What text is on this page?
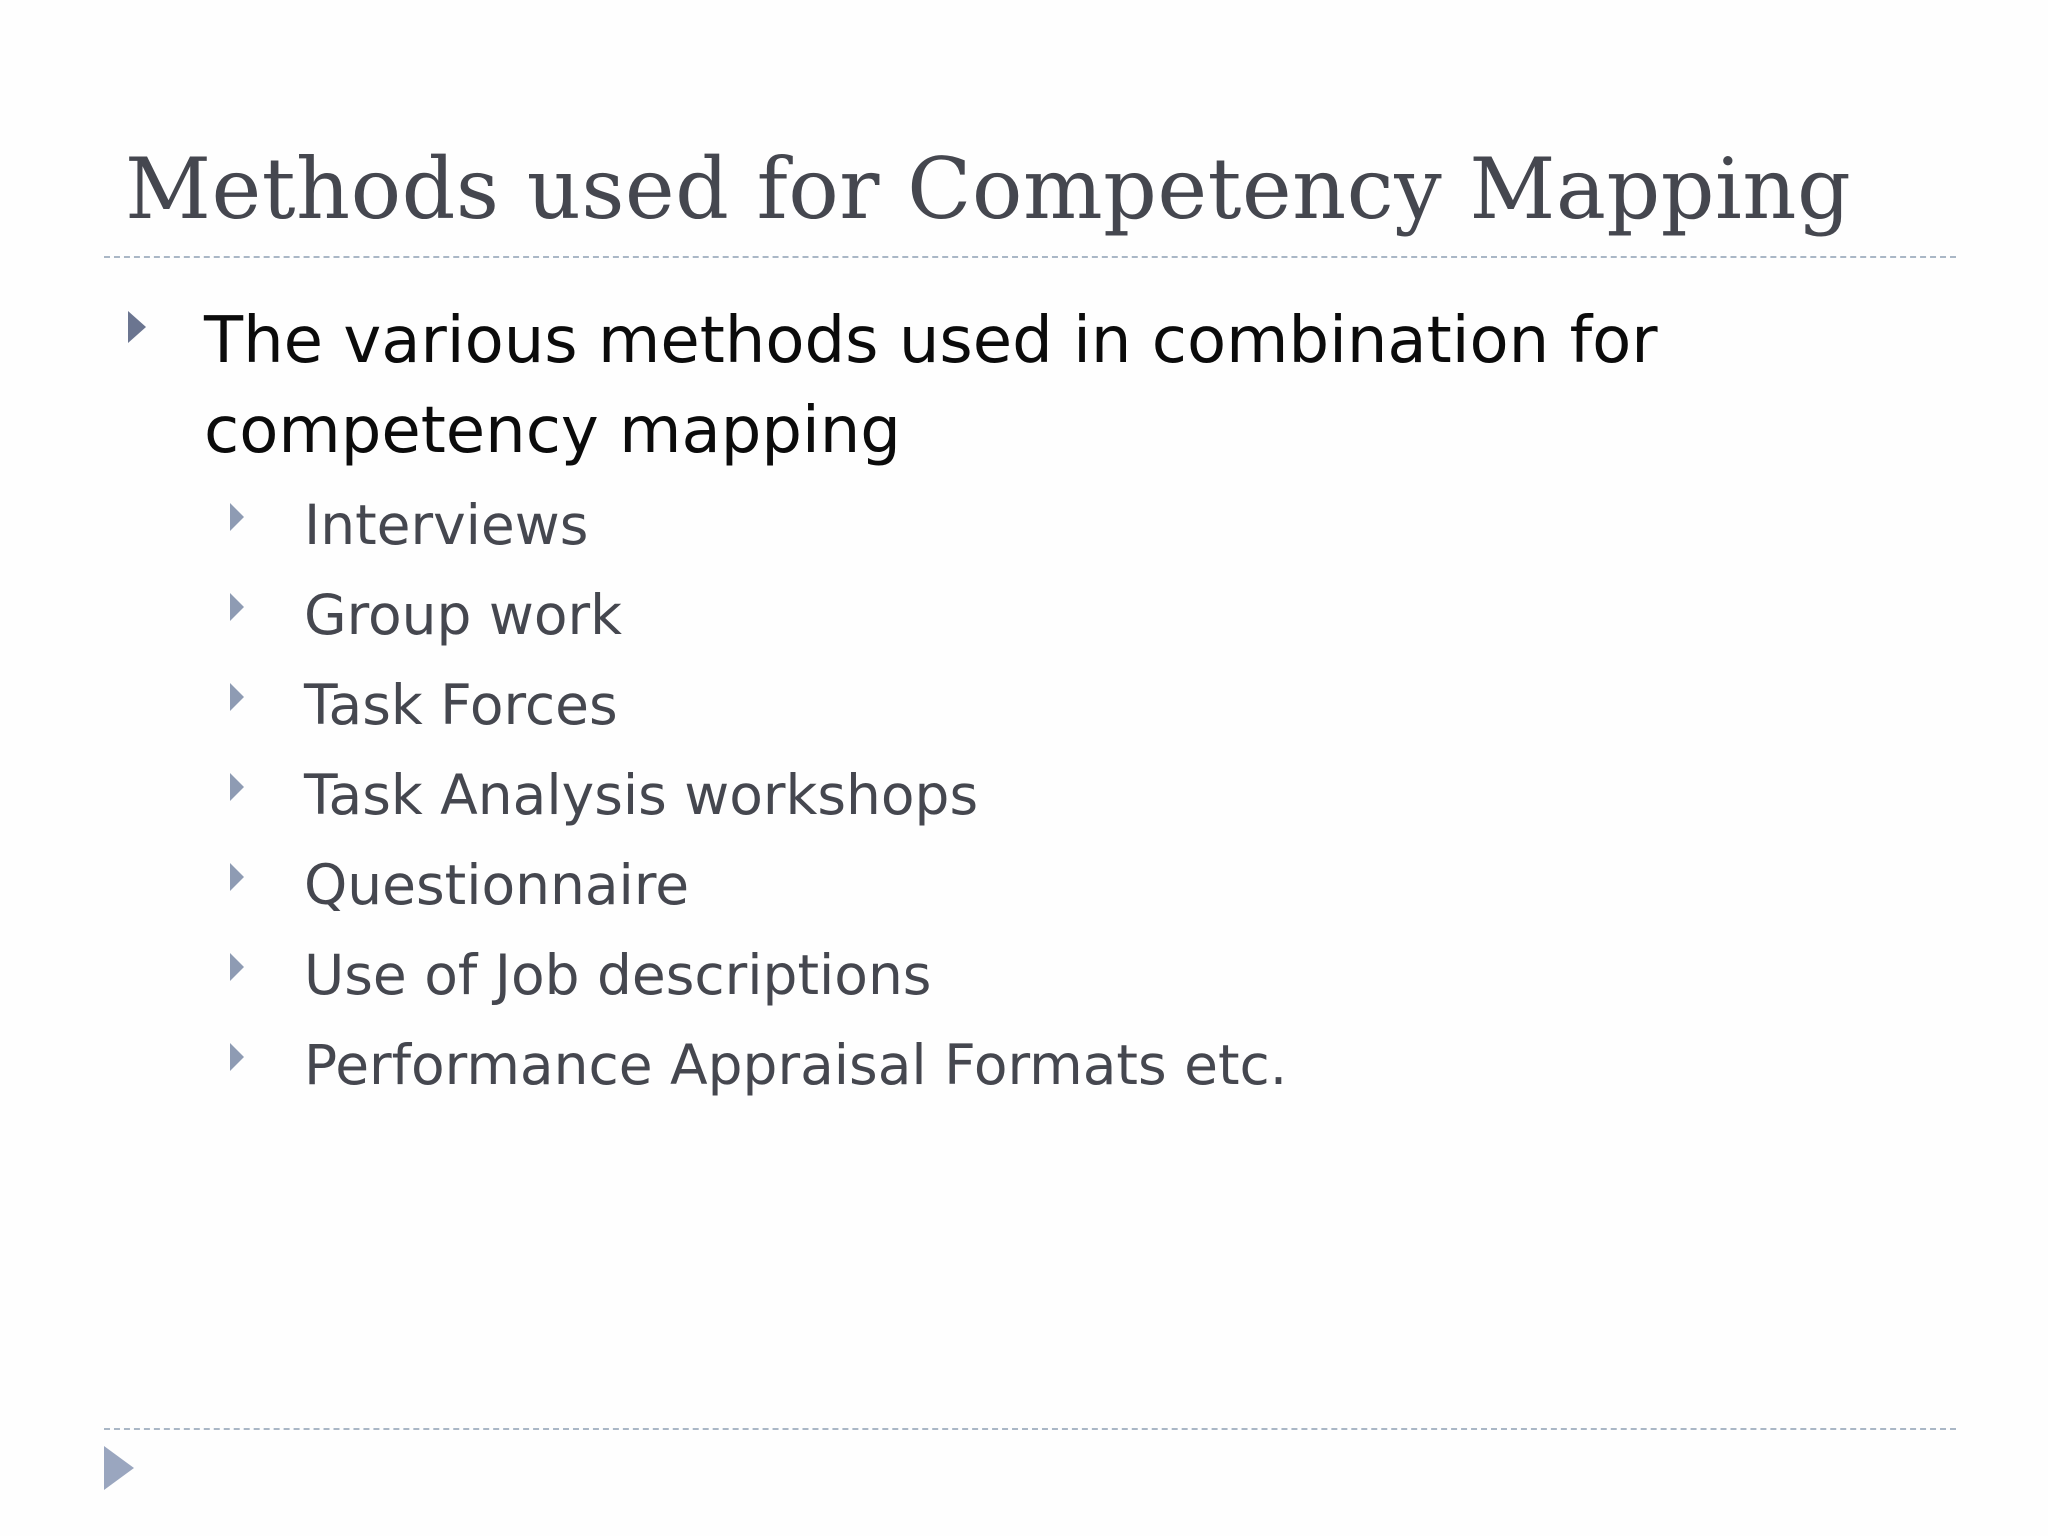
Methods used for Competency Mapping
The various methods used in combination for competency mapping
Interviews
Group work
Task Forces
Task Analysis workshops
Questionnaire
Use of Job descriptions
Performance Appraisal Formats etc.
